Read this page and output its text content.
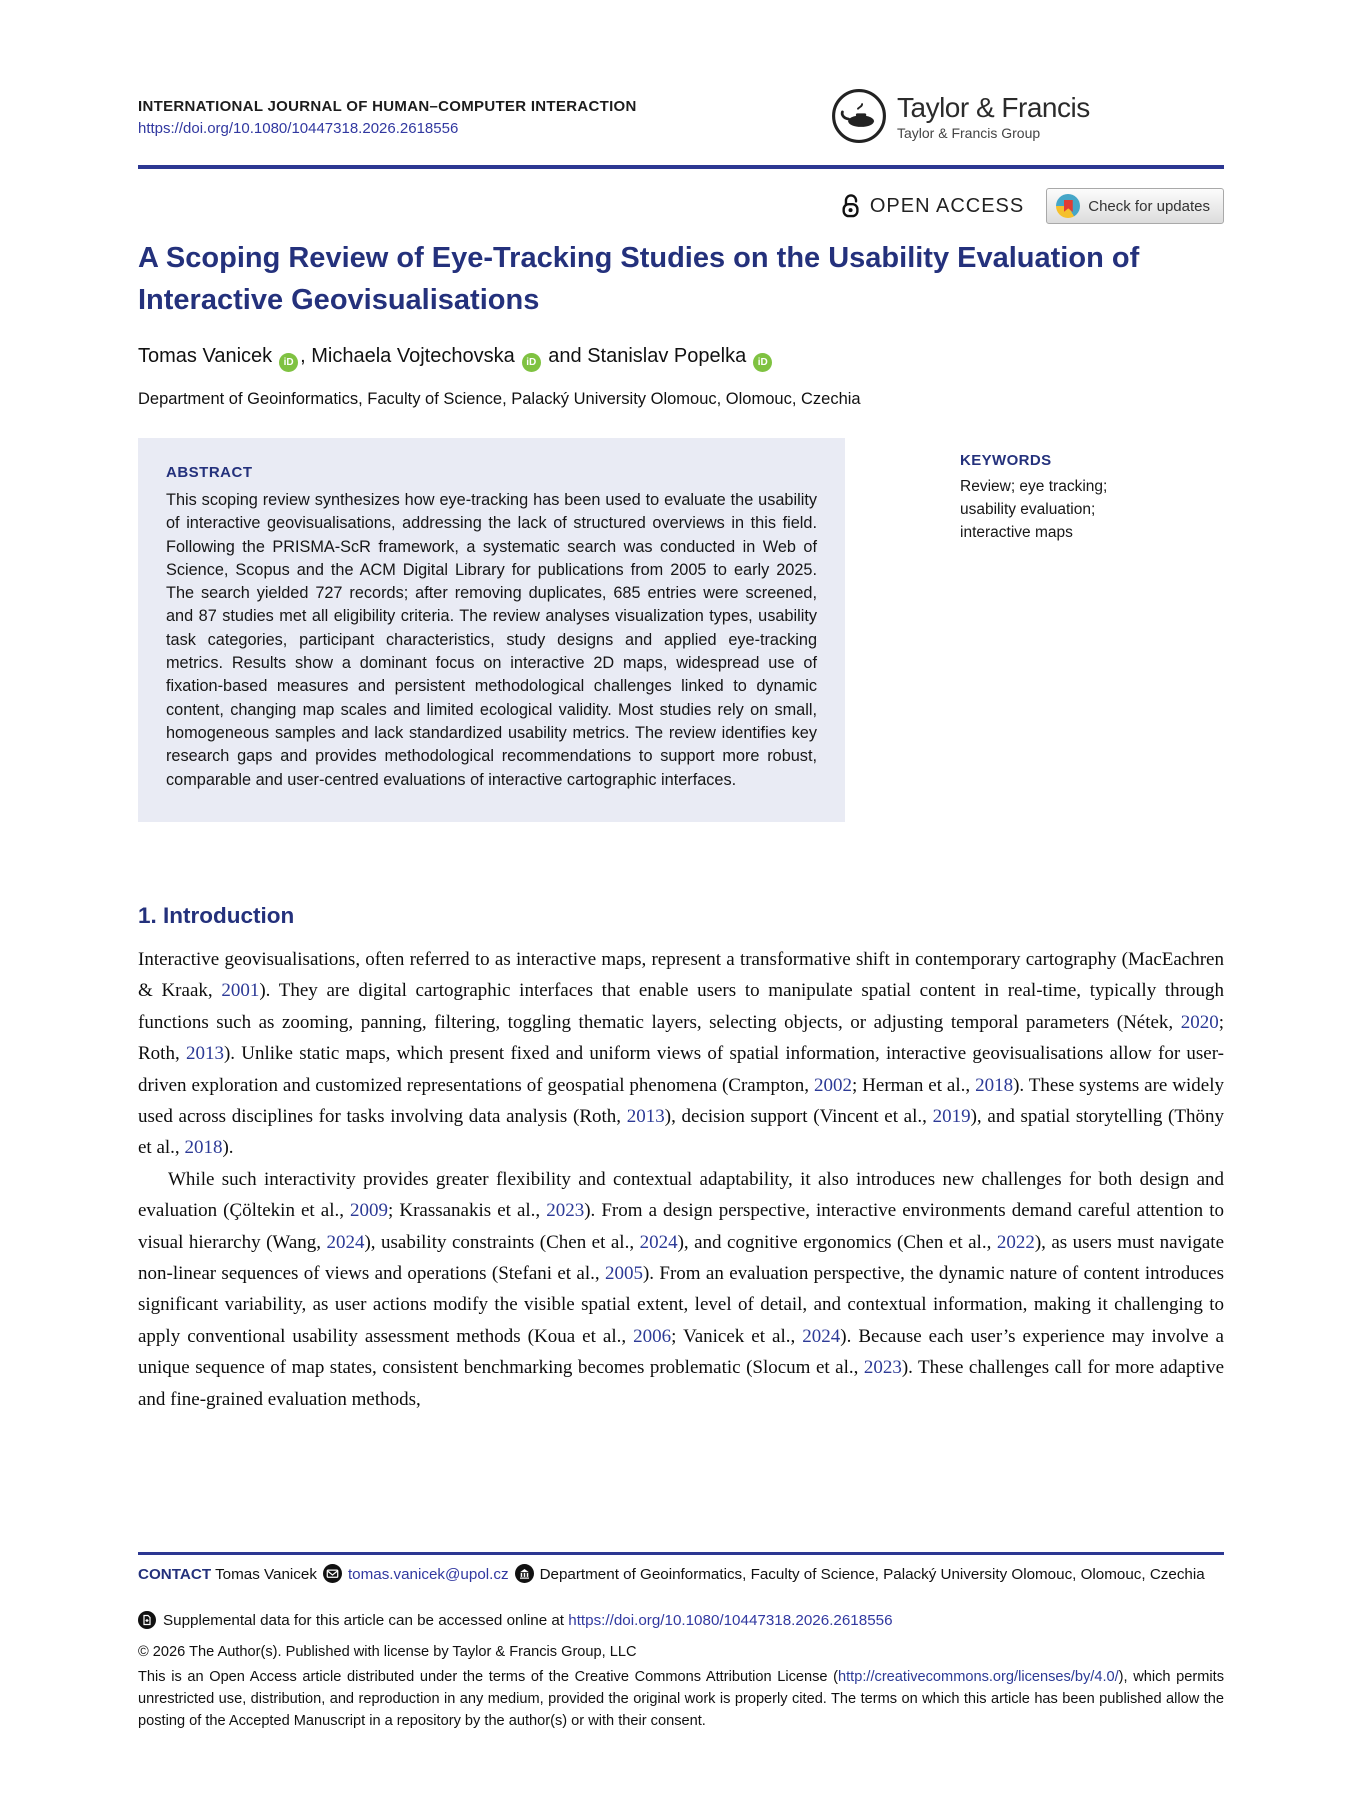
INTERNATIONAL JOURNAL OF HUMAN–COMPUTER INTERACTION
https://doi.org/10.1080/10447318.2026.2618556
Taylor & Francis
Taylor & Francis Group
OPEN ACCESS	Check for updates
A Scoping Review of Eye-Tracking Studies on the Usability Evaluation of Interactive Geovisualisations
Tomas Vanicek iD , Michaela Vojtechovska iD and Stanislav Popelka iD
Department of Geoinformatics, Faculty of Science, Palacký University Olomouc, Olomouc, Czechia
ABSTRACT
This scoping review synthesizes how eye-tracking has been used to evaluate the usability of interactive geovisualisations, addressing the lack of structured overviews in this field. Following the PRISMA-ScR framework, a systematic search was conducted in Web of Science, Scopus and the ACM Digital Library for publications from 2005 to early 2025. The search yielded 727 records; after removing duplicates, 685 entries were screened, and 87 studies met all eligibility criteria. The review analyses visualization types, usability task categories, participant characteristics, study designs and applied eye-tracking metrics. Results show a dominant focus on interactive 2D maps, widespread use of fixation-based measures and persistent methodological challenges linked to dynamic content, changing map scales and limited ecological validity. Most studies rely on small, homogeneous samples and lack standardized usability metrics. The review identifies key research gaps and provides methodological recommendations to support more robust, comparable and user-centred evaluations of interactive cartographic interfaces.
KEYWORDS
Review; eye tracking;
usability evaluation;
interactive maps
1. Introduction

Interactive geovisualisations, often referred to as interactive maps, represent a transformative shift in contemporary cartography (MacEachren & Kraak, 2001). They are digital cartographic interfaces that enable users to manipulate spatial content in real-time, typically through functions such as zooming, panning, filtering, toggling thematic layers, selecting objects, or adjusting temporal parameters (Nétek, 2020; Roth, 2013). Unlike static maps, which present fixed and uniform views of spatial information, interactive geovisualisations allow for user-driven exploration and customized representations of geospatial phenomena (Crampton, 2002; Herman et al., 2018). These systems are widely used across disciplines for tasks involving data analysis (Roth, 2013), decision support (Vincent et al., 2019), and spatial storytelling (Thöny et al., 2018).

While such interactivity provides greater flexibility and contextual adaptability, it also introduces new challenges for both design and evaluation (Çöltekin et al., 2009; Krassanakis et al., 2023). From a design perspective, interactive environments demand careful attention to visual hierarchy (Wang, 2024), usability constraints (Chen et al., 2024), and cognitive ergonomics (Chen et al., 2022), as users must navigate non-linear sequences of views and operations (Stefani et al., 2005). From an evaluation perspective, the dynamic nature of content introduces significant variability, as user actions modify the visible spatial extent, level of detail, and contextual information, making it challenging to apply conventional usability assessment methods (Koua et al., 2006; Vanicek et al., 2024). Because each user’s experience may involve a unique sequence of map states, consistent benchmarking becomes problematic (Slocum et al., 2023). These challenges call for more adaptive and fine-grained evaluation methods,

CONTACT Tomas Vanicek tomas.vanicek@upol.cz Department of Geoinformatics, Faculty of Science, Palacký University Olomouc, Olomouc, Czechia
Supplemental data for this article can be accessed online at https://doi.org/10.1080/10447318.2026.2618556
© 2026 The Author(s). Published with license by Taylor & Francis Group, LLC
This is an Open Access article distributed under the terms of the Creative Commons Attribution License (http://creativecommons.org/licenses/by/4.0/), which permits unrestricted use, distribution, and reproduction in any medium, provided the original work is properly cited. The terms on which this article has been published allow the posting of the Accepted Manuscript in a repository by the author(s) or with their consent.
